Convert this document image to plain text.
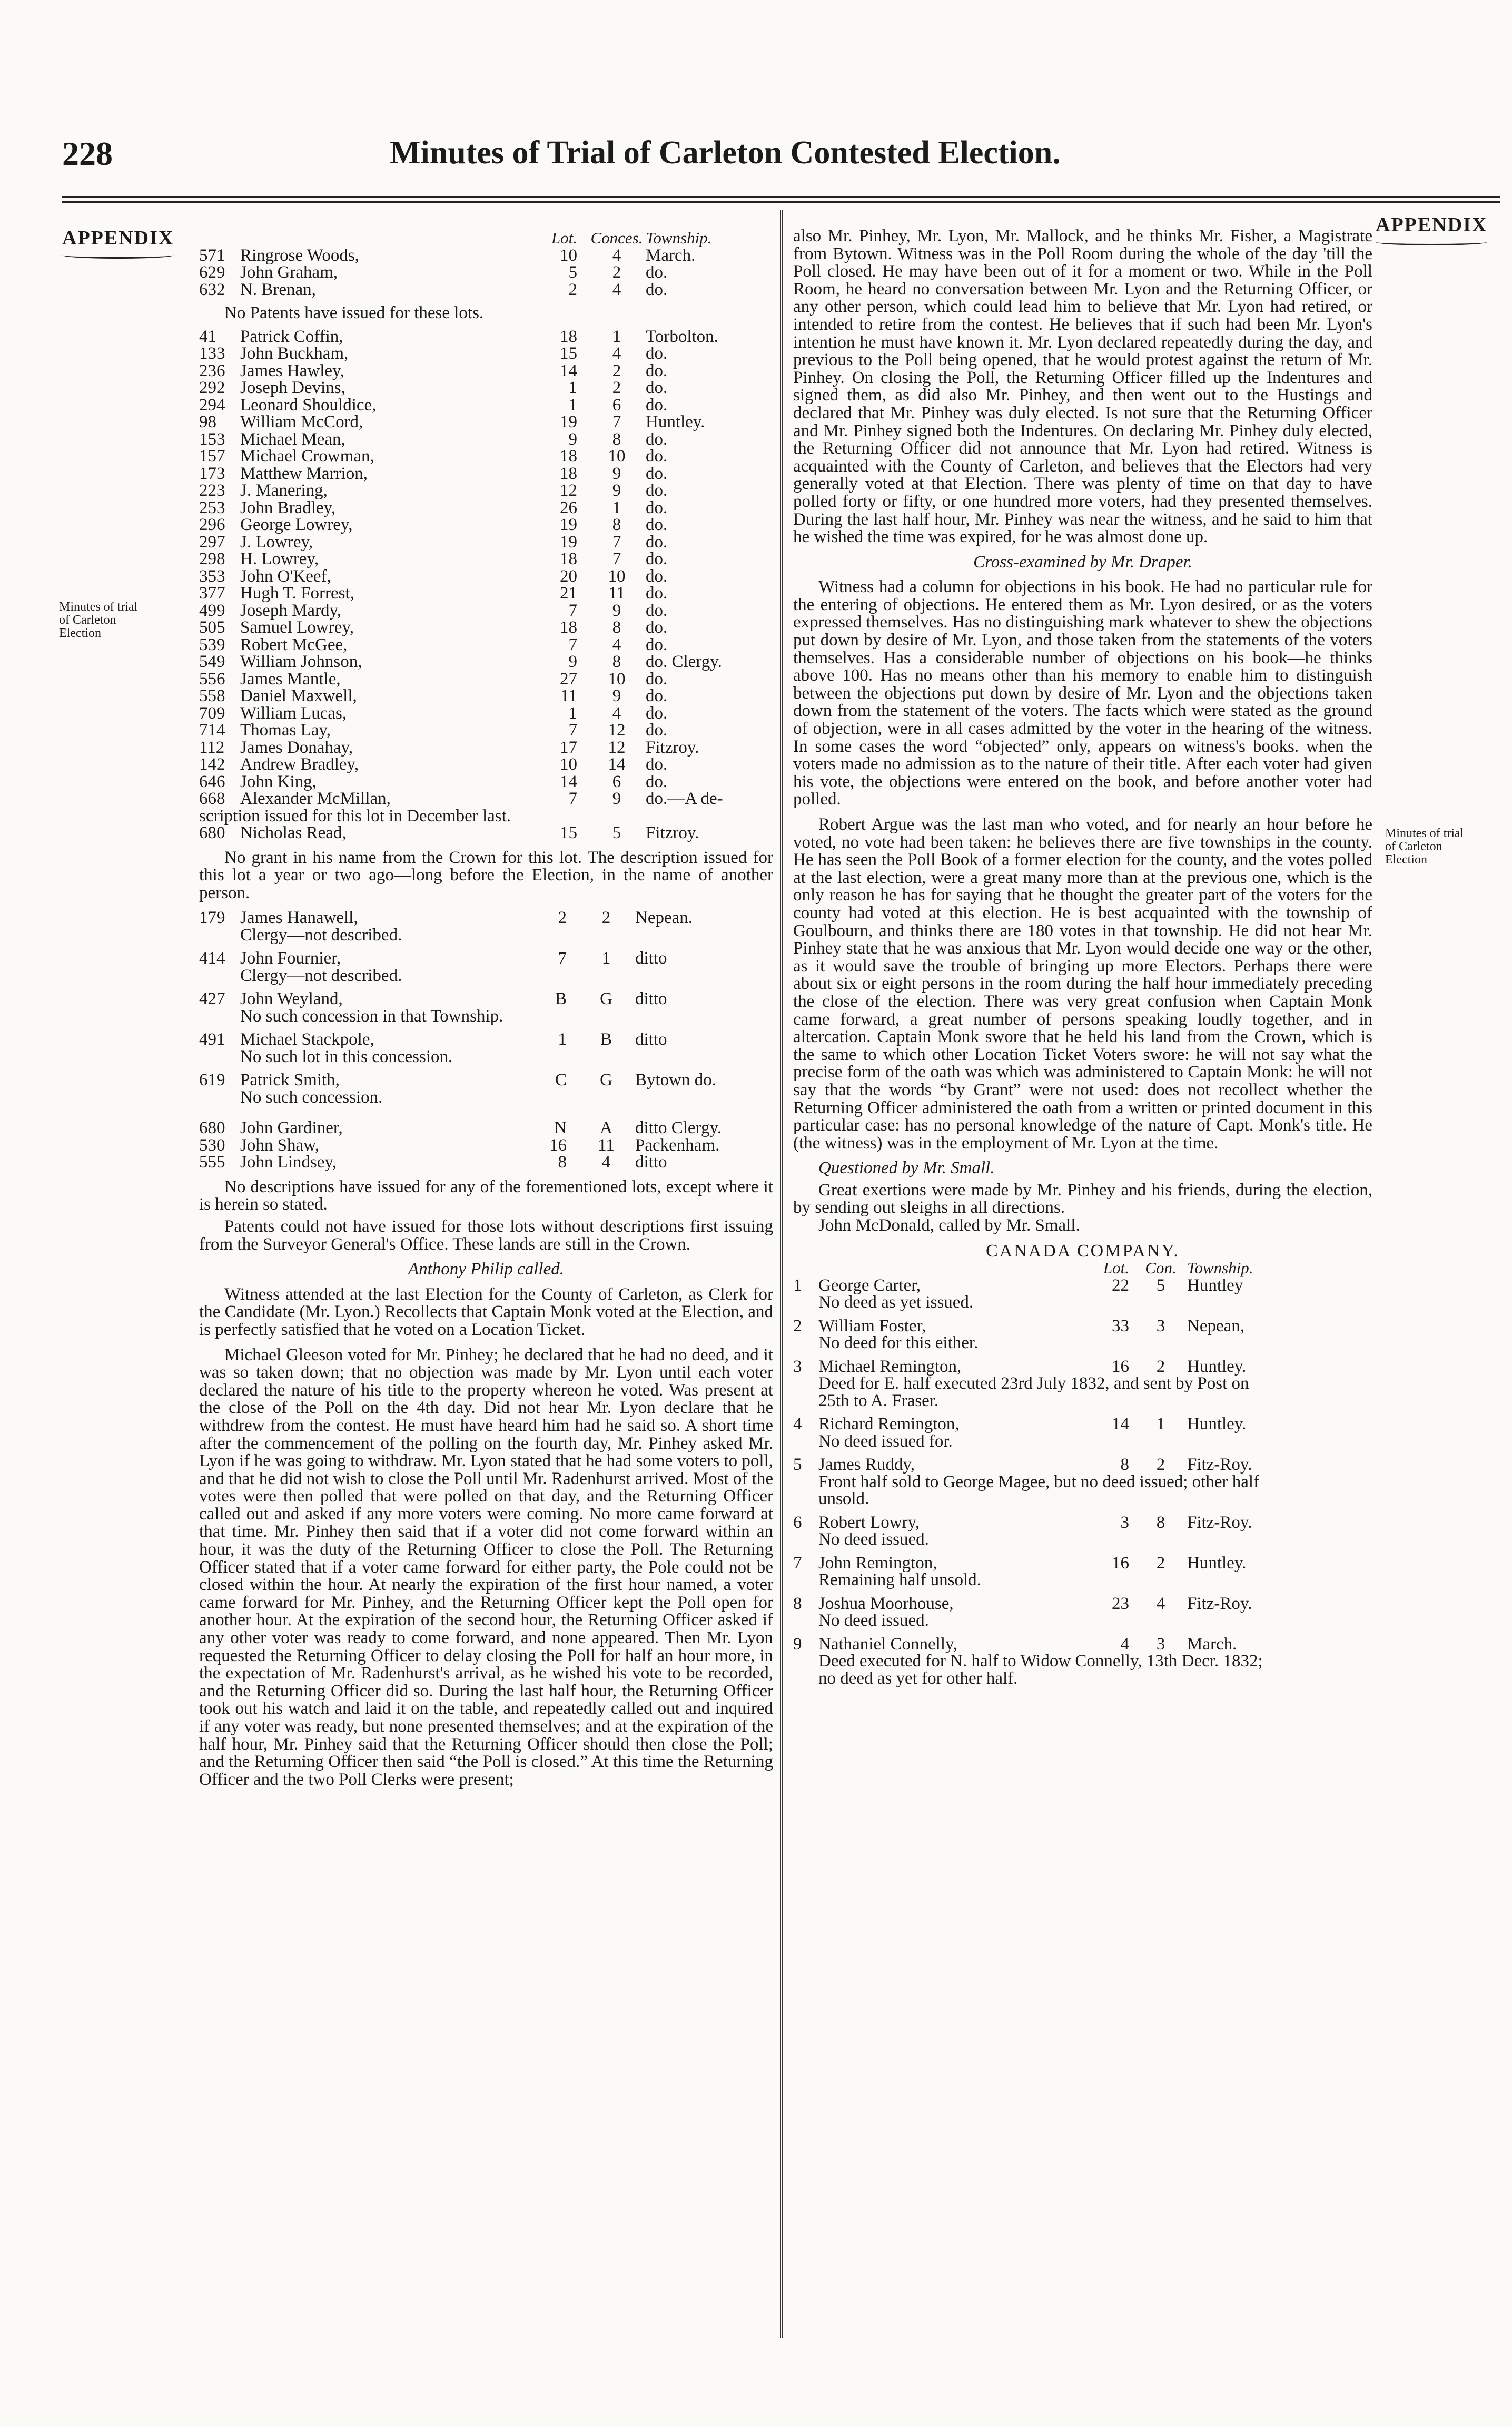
228	Minutes of Trial of Carleton Contested Election.
APPENDIX
APPENDIX
Minutes of trial
of Carleton
Election
Minutes of trial
of Carleton
Election
	Lot.	Conces.	Township.
571	Ringrose Woods, 10	4	March.
629	John Graham, 5	2	do.
632	N. Brenan, 2	4	do.

No Patents have issued for these lots.			

41	Patrick Coffin, 18	1	Torbolton.
133	John Buckham, 15	4	do.
236	James Hawley, 14	2	do.
292	Joseph Devins, 1	2	do.
294	Leonard Shouldice, 1	6	do.
98	William McCord, 19	7	Huntley.
153	Michael Mean, 9	8	do.
157	Michael Crowman, 18	10	do.
173	Matthew Marrion, 18	9	do.
223	J. Manering, 12	9	do.
253	John Bradley, 26	1	do.
296	George Lowrey, 19	8	do.
297	J. Lowrey, 19	7	do.
298	H. Lowrey, 18	7	do.
353	John O'Keef, 20	10	do.
377	Hugh T. Forrest, 21	11	do.
499	Joseph Mardy, 7	9	do.
505	Samuel Lowrey, 18	8	do.
539	Robert McGee, 7	4	do.
549	William Johnson, 9	8	do. Clergy.
556	James Mantle, 27	10	do.
558	Daniel Maxwell, 11	9	do.
709	William Lucas, 1	4	do.
714	Thomas Lay, 7	12	do.
112	James Donahay, 17	12	Fitzroy.
142	Andrew Bradley, 10	14	do.
646	John King, 14	6	do.
668	Alexander McMillan, 7	9	do.—A de-
scription issued for this lot in December last.			
680	Nicholas Read, 15	5	Fitzroy.

No grant in his name from the Crown for this lot. The description issued for this lot a year or two ago—long before the Election, in the name of another person.

179	James Hanawell, 2	2	Nepean.
Clergy—not described.			

414	John Fournier, 7	1	ditto
Clergy—not described.			

427	John Weyland, B	G	ditto
No such concession in that Township.			

491	Michael Stackpole, 1	B	ditto
No such lot in this concession.			

619	Patrick Smith, C	G	Bytown do.
No such concession.			

680	John Gardiner, N	A	ditto Clergy.
530	John Shaw, 16	11	Packenham.
555	John Lindsey, 8	4	ditto

No descriptions have issued for any of the forementioned lots, except where it is herein so stated.

Patents could not have issued for those lots without descriptions first issuing from the Surveyor General's Office. These lands are still in the Crown.

Anthony Philip called.

Witness attended at the last Election for the County of Carleton, as Clerk for the Candidate (Mr. Lyon.) Recollects that Captain Monk voted at the Election, and is perfectly satisfied that he voted on a Location Ticket.

Michael Gleeson voted for Mr. Pinhey; he declared that he had no deed, and it was so taken down; that no objection was made by Mr. Lyon until each voter declared the nature of his title to the property whereon he voted. Was present at the close of the Poll on the 4th day. Did not hear Mr. Lyon declare that he withdrew from the contest. He must have heard him had he said so. A short time after the commencement of the polling on the fourth day, Mr. Pinhey asked Mr. Lyon if he was going to withdraw. Mr. Lyon stated that he had some voters to poll, and that he did not wish to close the Poll until Mr. Radenhurst arrived. Most of the votes were then polled that were polled on that day, and the Returning Officer called out and asked if any more voters were coming. No more came forward at that time. Mr. Pinhey then said that if a voter did not come forward within an hour, it was the duty of the Returning Officer to close the Poll. The Returning Officer stated that if a voter came forward for either party, the Pole could not be closed within the hour. At nearly the expiration of the first hour named, a voter came forward for Mr. Pinhey, and the Returning Officer kept the Poll open for another hour. At the expiration of the second hour, the Returning Officer asked if any other voter was ready to come forward, and none appeared. Then Mr. Lyon requested the Returning Officer to delay closing the Poll for half an hour more, in the expectation of Mr. Radenhurst's arrival, as he wished his vote to be recorded, and the Returning Officer did so. During the last half hour, the Returning Officer took out his watch and laid it on the table, and repeatedly called out and inquired if any voter was ready, but none presented themselves; and at the expiration of the half hour, Mr. Pinhey said that the Returning Officer should then close the Poll; and the Returning Officer then said “the Poll is closed.” At this time the Returning Officer and the two Poll Clerks were present;

also Mr. Pinhey, Mr. Lyon, Mr. Mallock, and he thinks Mr. Fisher, a Magistrate from Bytown. Witness was in the Poll Room during the whole of the day 'till the Poll closed. He may have been out of it for a moment or two. While in the Poll Room, he heard no conversation between Mr. Lyon and the Returning Officer, or any other person, which could lead him to believe that Mr. Lyon had retired, or intended to retire from the contest. He believes that if such had been Mr. Lyon's intention he must have known it. Mr. Lyon declared repeatedly during the day, and previous to the Poll being opened, that he would protest against the return of Mr. Pinhey. On closing the Poll, the Returning Officer filled up the Indentures and signed them, as did also Mr. Pinhey, and then went out to the Hustings and declared that Mr. Pinhey was duly elected. Is not sure that the Returning Officer and Mr. Pinhey signed both the Indentures. On declaring Mr. Pinhey duly elected, the Returning Officer did not announce that Mr. Lyon had retired. Witness is acquainted with the County of Carleton, and believes that the Electors had very generally voted at that Election. There was plenty of time on that day to have polled forty or fifty, or one hundred more voters, had they presented themselves. During the last half hour, Mr. Pinhey was near the witness, and he said to him that he wished the time was expired, for he was almost done up.

Cross-examined by Mr. Draper.

Witness had a column for objections in his book. He had no particular rule for the entering of objections. He entered them as Mr. Lyon desired, or as the voters expressed themselves. Has no distinguishing mark whatever to shew the objections put down by desire of Mr. Lyon, and those taken from the statements of the voters themselves. Has a considerable number of objections on his book—he thinks above 100. Has no means other than his memory to enable him to distinguish between the objections put down by desire of Mr. Lyon and the objections taken down from the statement of the voters. The facts which were stated as the ground of objection, were in all cases admitted by the voter in the hearing of the witness. In some cases the word “objected” only, appears on witness's books. when the voters made no admission as to the nature of their title. After each voter had given his vote, the objections were entered on the book, and before another voter had polled.

Robert Argue was the last man who voted, and for nearly an hour before he voted, no vote had been taken: he believes there are five townships in the county. He has seen the Poll Book of a former election for the county, and the votes polled at the last election, were a great many more than at the previous one, which is the only reason he has for saying that he thought the greater part of the voters for the county had voted at this election. He is best acquainted with the township of Goulbourn, and thinks there are 180 votes in that township. He did not hear Mr. Pinhey state that he was anxious that Mr. Lyon would decide one way or the other, as it would save the trouble of bringing up more Electors. Perhaps there were about six or eight persons in the room during the half hour immediately preceding the close of the election. There was very great confusion when Captain Monk came forward, a great number of persons speaking loudly together, and in altercation. Captain Monk swore that he held his land from the Crown, which is the same to which other Location Ticket Voters swore: he will not say what the precise form of the oath was which was administered to Captain Monk: he will not say that the words “by Grant” were not used: does not recollect whether the Returning Officer administered the oath from a written or printed document in this particular case: has no personal knowledge of the nature of Capt. Monk's title. He (the witness) was in the employment of Mr. Lyon at the time.

Questioned by Mr. Small.

Great exertions were made by Mr. Pinhey and his friends, during the election, by sending out sleighs in all directions.

John McDonald, called by Mr. Small.

CANADA COMPANY.

	Lot.	Con.	Township.
1	George Carter, 22	5	Huntley
No deed as yet issued.			

2	William Foster, 33	3	Nepean,
No deed for this either.			

3	Michael Remington, 16	2	Huntley.
Deed for E. half executed 23rd July 1832, and sent by Post on 25th to A. Fraser.			

4	Richard Remington, 14	1	Huntley.
No deed issued for.			

5	James Ruddy, 8	2	Fitz-Roy.
Front half sold to George Magee, but no deed issued; other half unsold.			

6	Robert Lowry, 3	8	Fitz-Roy.
No deed issued.			

7	John Remington, 16	2	Huntley.
Remaining half unsold.			

8	Joshua Moorhouse, 23	4	Fitz-Roy.
No deed issued.			

9	Nathaniel Connelly, 4	3	March.
Deed executed for N. half to Widow Connelly, 13th Decr. 1832; no deed as yet for other half.			
